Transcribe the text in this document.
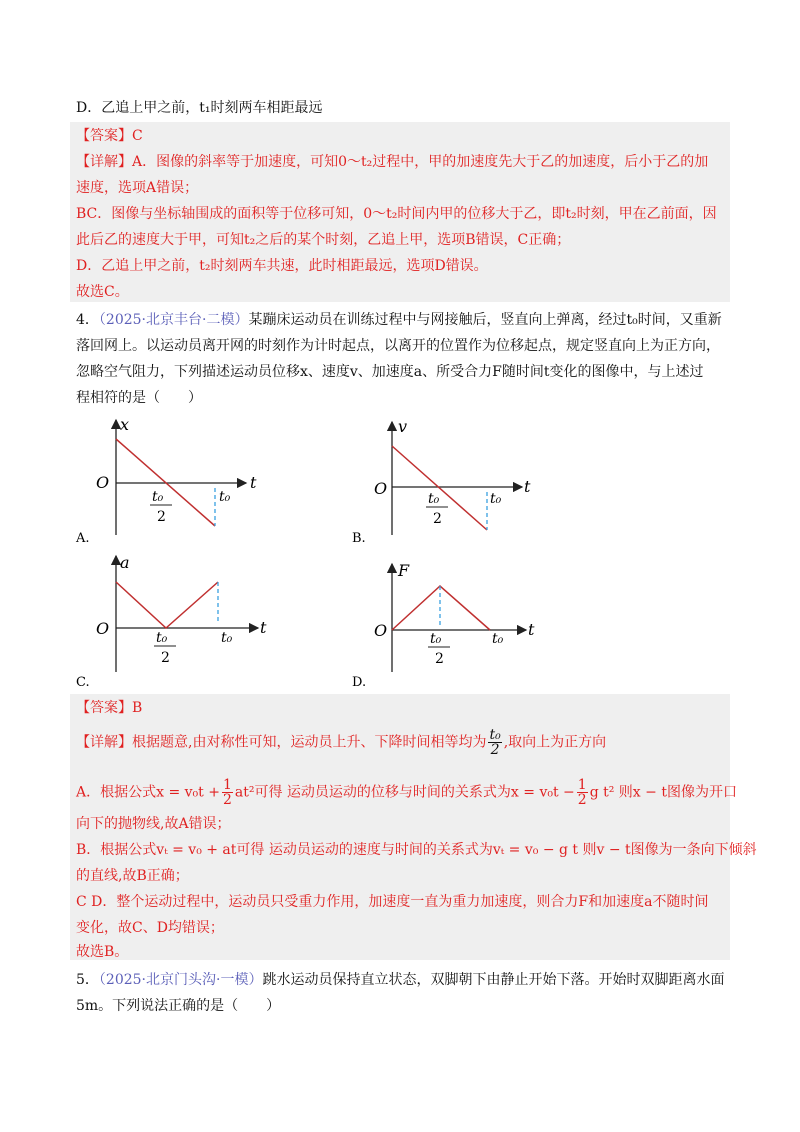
D．乙追上甲之前，t₁时刻两车相距最远
【答案】C
【详解】A．图像的斜率等于加速度，可知0～t₂过程中，甲的加速度先大于乙的加速度，后小于乙的加
速度，选项A错误；
BC．图像与坐标轴围成的面积等于位移可知，0～t₂时间内甲的位移大于乙，即t₂时刻，甲在乙前面，因
此后乙的速度大于甲，可知t₂之后的某个时刻，乙追上甲，选项B错误，C正确；
D．乙追上甲之前，t₂时刻两车共速，此时相距最远，选项D错误。
故选C。
4．（2025·北京丰台·二模）某蹦床运动员在训练过程中与网接触后，竖直向上弹离，经过t₀时间，又重新
落回网上。以运动员离开网的时刻作为计时起点，以离开的位置作为位移起点，规定竖直向上为正方向，
忽略空气阻力，下列描述运动员位移x、速度v、加速度a、所受合力F随时间t变化的图像中，与上述过
程相符的是（　　）
x
O	t
t₀
2
t₀
A.
v
O	t
t₀
2
t₀
B.
a
O	t
t₀
2
t₀
C.
F
O	t
t₀
2
t₀
D.
【答案】B
【详解】根据题意,由对称性可知，运动员上升、下降时间相等均为 $\frac{\text{t₀}}{2}$ ,取向上为正方向
A．根据公式$x = v_0t + \frac{1}{2} at^2$可得 运动员运动的位移与时间的关系式为$x = v_0t - \frac{1}{2}$ g t² 则x − t图像为开口
向下的抛物线,故A错误；
B．根据公式vₜ = v₀ + at可得 运动员运动的速度与时间的关系式为vₜ = v₀ − g t 则v − t图像为一条向下倾斜
的直线,故B正确；
C D．整个运动过程中，运动员只受重力作用，加速度一直为重力加速度，则合力F和加速度a不随时间
变化，故C、D均错误；
故选B。
5．（2025·北京门头沟·一模）跳水运动员保持直立状态，双脚朝下由静止开始下落。开始时双脚距离水面
5m。下列说法正确的是（　　）
